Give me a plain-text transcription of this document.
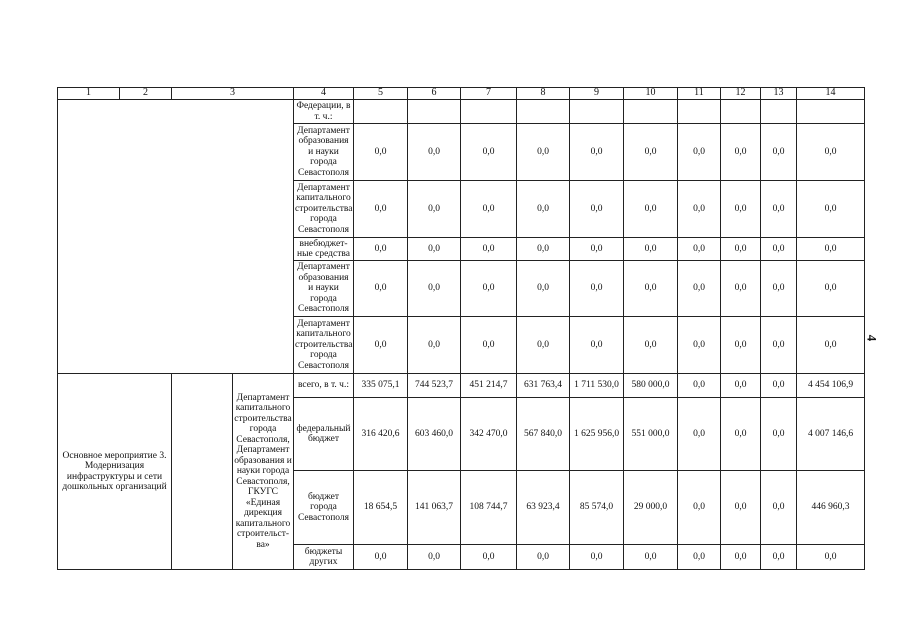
4
1	2	3		4	5	6	7	8	9	10	11	12	13	14
				Федерации, в т. ч.:										
				Департамент образования и науки города Севастополя	0,0	0,0	0,0	0,0	0,0	0,0	0,0	0,0	0,0	0,0
				Департамент капитального строительства города Севастополя	0,0	0,0	0,0	0,0	0,0	0,0	0,0	0,0	0,0	0,0
				внебюджет-ные средства	0,0	0,0	0,0	0,0	0,0	0,0	0,0	0,0	0,0	0,0
				Департамент образования и науки города Севастополя	0,0	0,0	0,0	0,0	0,0	0,0	0,0	0,0	0,0	0,0
				Департамент капитального строительства города Севастополя	0,0	0,0	0,0	0,0	0,0	0,0	0,0	0,0	0,0	0,0
Основное мероприятие 3. Модернизация инфраструктуры и сети дошкольных организаций			Департамент капитального строительства города Севастополя, Департамент образования и науки города Севастополя, ГКУГС «Единая дирекция капитального строительст-ва»	всего, в т. ч.:	335 075,1	744 523,7	451 214,7	631 763,4	1 711 530,0	580 000,0	0,0	0,0	0,0	4 454 106,9
				федеральный бюджет	316 420,6	603 460,0	342 470,0	567 840,0	1 625 956,0	551 000,0	0,0	0,0	0,0	4 007 146,6
				бюджет города Севастополя	18 654,5	141 063,7	108 744,7	63 923,4	85 574,0	29 000,0	0,0	0,0	0,0	446 960,3
				бюджеты других	0,0	0,0	0,0	0,0	0,0	0,0	0,0	0,0	0,0	0,0
